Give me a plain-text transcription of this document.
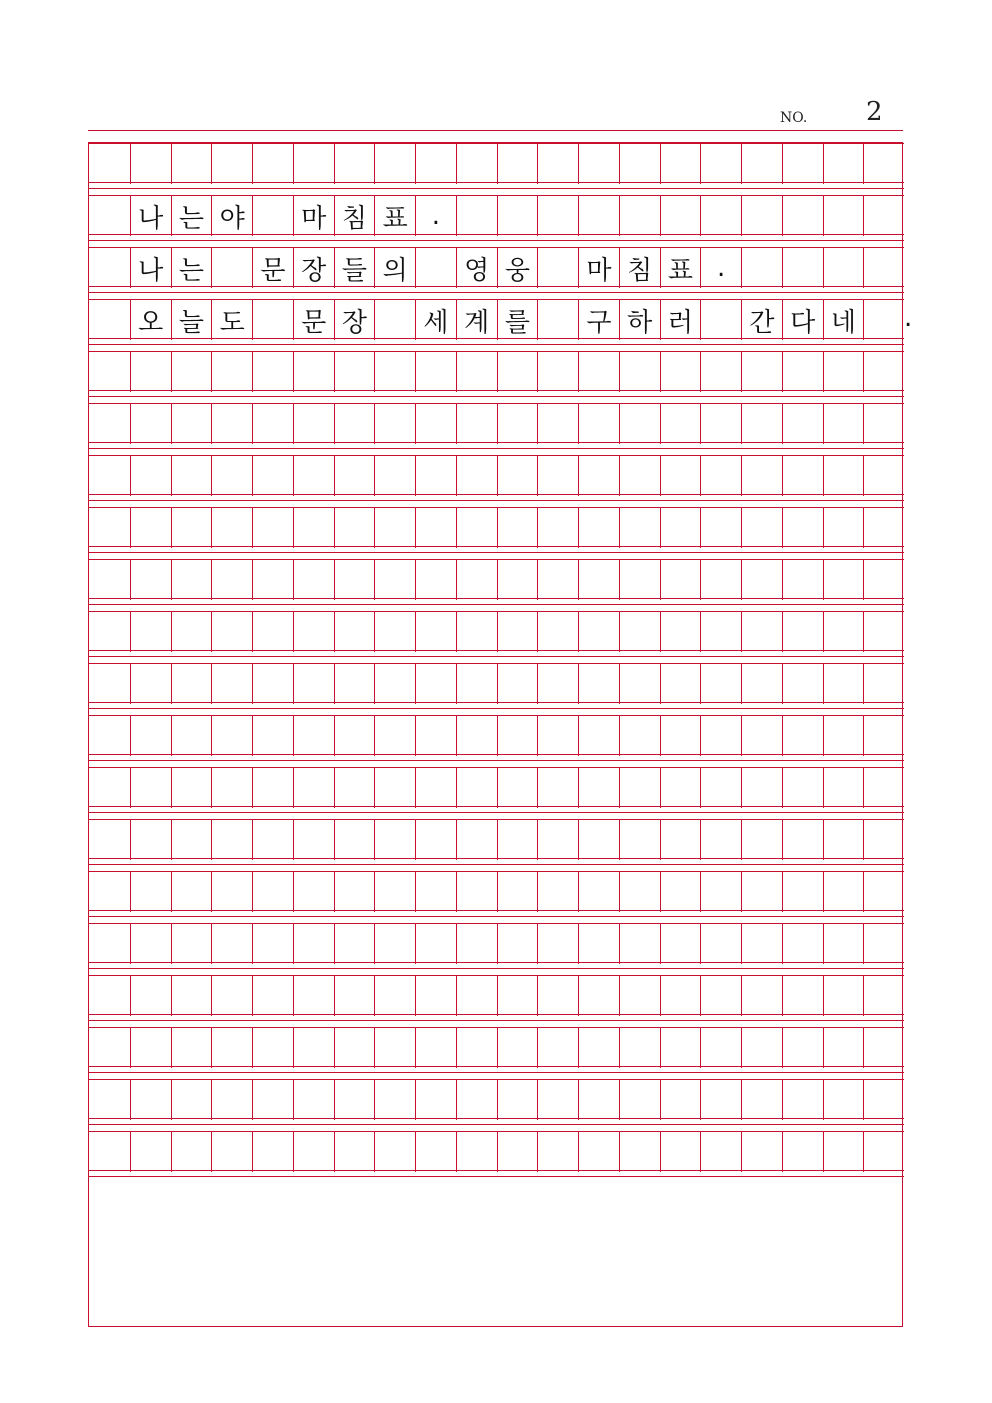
NO. 2
나 는 야	마 침 표 .
나 는	문 장 들 의	영 웅	마 침 표 .
오 늘 도	문 장	세 계 를	구 하 러	간 다 네 .
